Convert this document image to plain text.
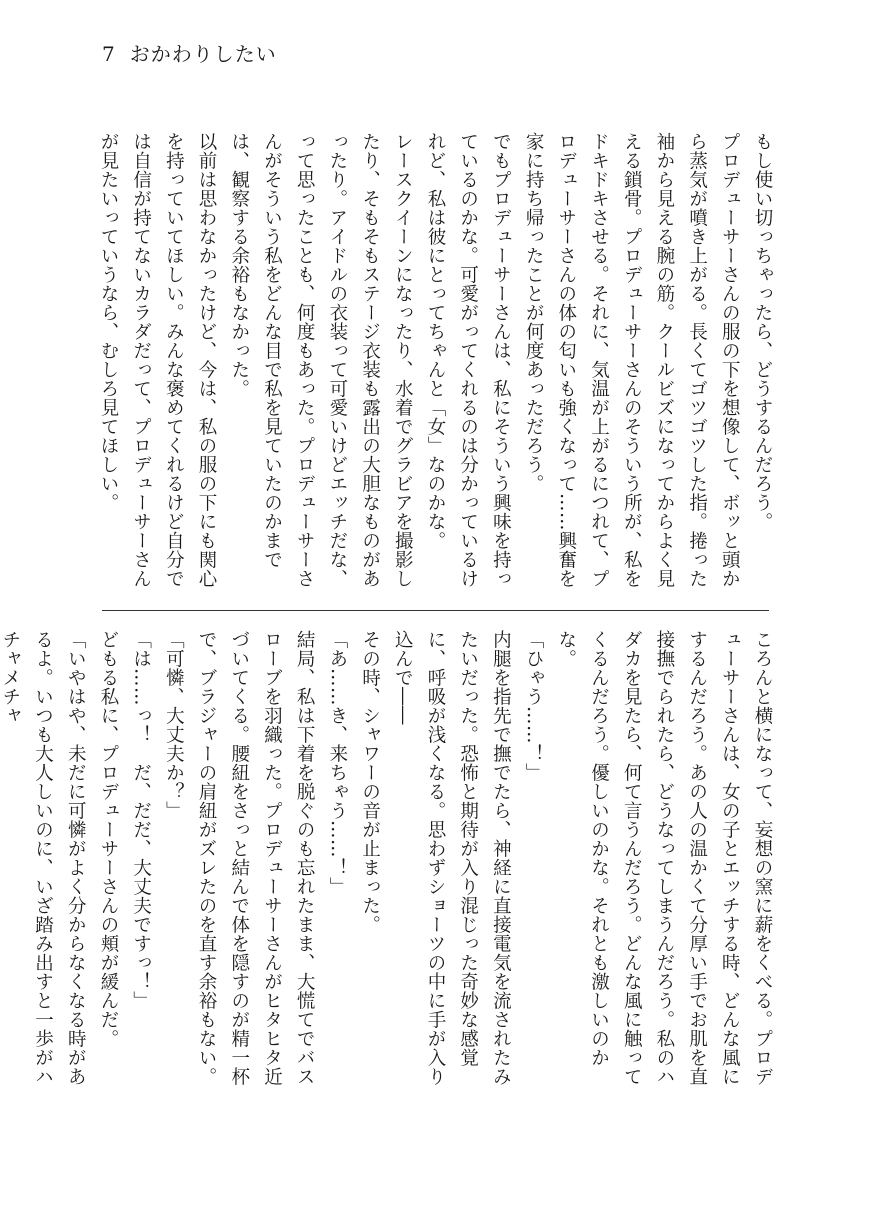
7 おかわりしたい

もし使い切っちゃったら、どうするんだろう。

プロデューサーさんの服の下を想像して、ボッと頭から蒸気が噴き上がる。長くてゴツゴツした指。捲った袖から見える腕の筋。クールビズになってからよく見える鎖骨。プロデューサーさんのそういう所が、私をドキドキさせる。それに、気温が上がるにつれて、プロデューサーさんの体の匂いも強くなって……興奮を家に持ち帰ったことが何度あっただろう。

でもプロデューサーさんは、私にそういう興味を持っているのかな。可愛がってくれるのは分かっているけれど、私は彼にとってちゃんと「女」なのかな。

レースクイーンになったり、水着でグラビアを撮影したり、そもそもステージ衣装も露出の大胆なものがあったり。アイドルの衣装って可愛いけどエッチだな、って思ったことも、何度もあった。プロデューサーさんがそういう私をどんな目で私を見ていたのかまでは、観察する余裕もなかった。

以前は思わなかったけど、今は、私の服の下にも関心を持っていてほしい。みんな褒めてくれるけど自分では自信が持てないカラダだって、プロデューサーさんが見たいっていうなら、むしろ見てほしい。

ころんと横になって、妄想の窯に薪をくべる。プロデューサーさんは、女の子とエッチする時、どんな風にするんだろう。あの人の温かくて分厚い手でお肌を直接撫でられたら、どうなってしまうんだろう。私のハダカを見たら、何て言うんだろう。どんな風に触ってくるんだろう。優しいのかな。それとも激しいのかな。

「ひゃう……！」

内腿を指先で撫でたら、神経に直接電気を流されたみたいだった。恐怖と期待が入り混じった奇妙な感覚に、呼吸が浅くなる。思わずショーツの中に手が入り込んで――

その時、シャワーの音が止まった。

「あ……き、来ちゃう……！」

結局、私は下着を脱ぐのも忘れたまま、大慌てでバスローブを羽織った。プロデューサーさんがヒタヒタ近づいてくる。腰紐をさっと結んで体を隠すのが精一杯で、ブラジャーの肩紐がズレたのを直す余裕もない。

「可憐、大丈夫か？」

「は……っ！　だ、だだ、大丈夫ですっ！」

どもる私に、プロデューサーさんの頬が緩んだ。

「いやはや、未だに可憐がよく分からなくなる時があるよ。いつも大人しいのに、いざ踏み出すと一歩がハチャメチャ
